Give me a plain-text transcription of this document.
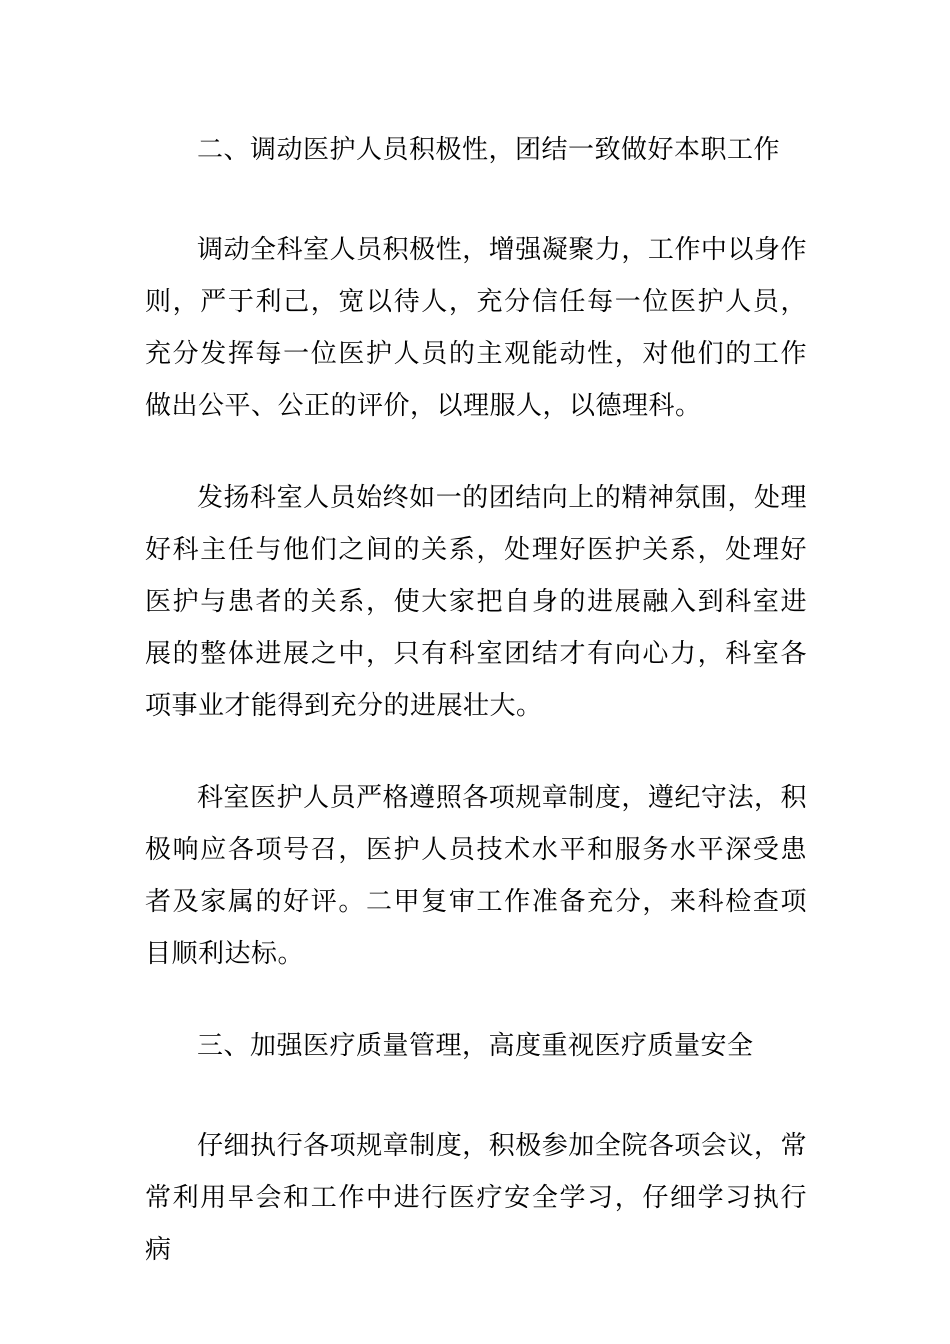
二、调动医护人员积极性，团结一致做好本职工作

调动全科室人员积极性，增强凝聚力，工作中以身作则，严于利己，宽以待人，充分信任每一位医护人员，充分发挥每一位医护人员的主观能动性，对他们的工作做出公平、公正的评价，以理服人，以德理科。

发扬科室人员始终如一的团结向上的精神氛围，处理好科主任与他们之间的关系，处理好医护关系，处理好医护与患者的关系，使大家把自身的进展融入到科室进展的整体进展之中，只有科室团结才有向心力，科室各项事业才能得到充分的进展壮大。

科室医护人员严格遵照各项规章制度，遵纪守法，积极响应各项号召，医护人员技术水平和服务水平深受患者及家属的好评。二甲复审工作准备充分，来科检查项目顺利达标。

三、加强医疗质量管理，高度重视医疗质量安全

仔细执行各项规章制度，积极参加全院各项会议，常常利用早会和工作中进行医疗安全学习，仔细学习执行病
